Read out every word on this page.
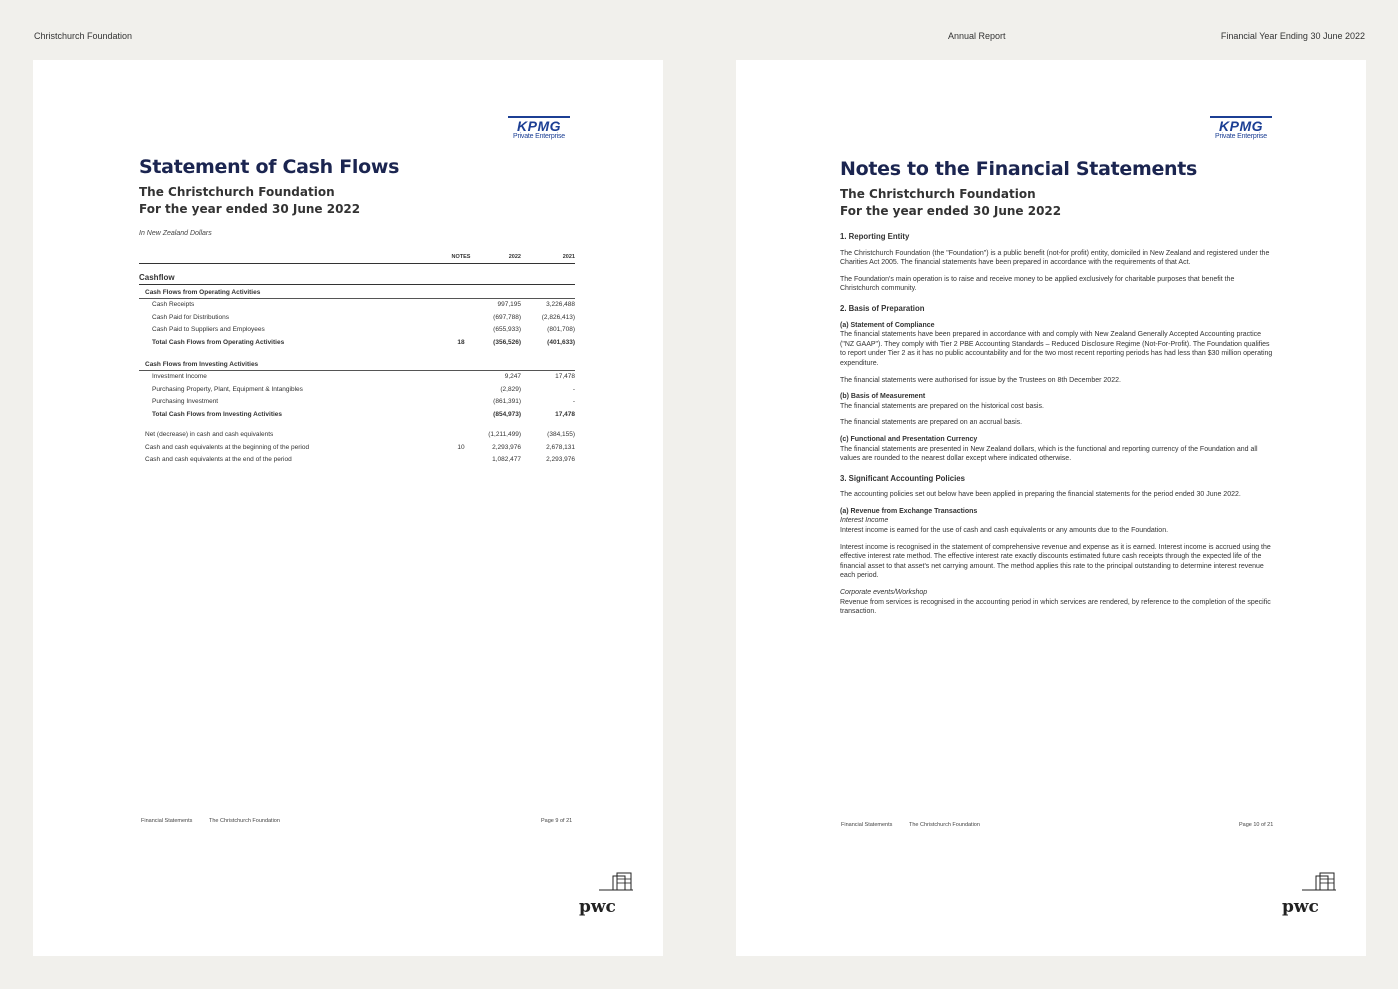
Christchurch Foundation	Annual Report	Financial Year Ending 30 June 2022
KPMG
Private Enterprise
Statement of Cash Flows
The Christchurch Foundation
For the year ended 30 June 2022
In New Zealand Dollars
NOTES	2022	2021
Cashflow
Cash Flows from Operating Activities
Cash Receipts	997,195	3,226,488
Cash Paid for Distributions	(697,788)	(2,826,413)
Cash Paid to Suppliers and Employees	(655,933)	(801,708)
Total Cash Flows from Operating Activities	18	(356,526)	(401,633)
Cash Flows from Investing Activities
Investment Income	9,247	17,478
Purchasing Property, Plant, Equipment & Intangibles	(2,829)	-
Purchasing Investment	(861,391)	-
Total Cash Flows from Investing Activities	(854,973)	17,478
Net (decrease) in cash and cash equivalents	(1,211,499)	(384,155)
Cash and cash equivalents at the beginning of the period	10	2,293,976	2,678,131
Cash and cash equivalents at the end of the period	1,082,477	2,293,976
Financial Statements	The Christchurch Foundation	Page 9 of 21
pwc
KPMG
Private Enterprise
Notes to the Financial Statements
The Christchurch Foundation
For the year ended 30 June 2022

1. Reporting Entity

The Christchurch Foundation (the "Foundation") is a public benefit (not-for profit) entity, domiciled in New Zealand and registered under the Charities Act 2005. The financial statements have been prepared in accordance with the requirements of that Act.

The Foundation's main operation is to raise and receive money to be applied exclusively for charitable purposes that benefit the Christchurch community.

2. Basis of Preparation

(a) Statement of Compliance

The financial statements have been prepared in accordance with and comply with New Zealand Generally Accepted Accounting practice ("NZ GAAP"). They comply with Tier 2 PBE Accounting Standards – Reduced Disclosure Regime (Not-For-Profit). The Foundation qualifies to report under Tier 2 as it has no public accountability and for the two most recent reporting periods has had less than $30 million operating expenditure.

The financial statements were authorised for issue by the Trustees on 8th December 2022.

(b) Basis of Measurement

The financial statements are prepared on the historical cost basis.

The financial statements are prepared on an accrual basis.

(c) Functional and Presentation Currency

The financial statements are presented in New Zealand dollars, which is the functional and reporting currency of the Foundation and all values are rounded to the nearest dollar except where indicated otherwise.

3. Significant Accounting Policies

The accounting policies set out below have been applied in preparing the financial statements for the period ended 30 June 2022.

(a) Revenue from Exchange Transactions

Interest Income

Interest income is earned for the use of cash and cash equivalents or any amounts due to the Foundation.

Interest income is recognised in the statement of comprehensive revenue and expense as it is earned. Interest income is accrued using the effective interest rate method. The effective interest rate exactly discounts estimated future cash receipts through the expected life of the financial asset to that asset's net carrying amount. The method applies this rate to the principal outstanding to determine interest revenue each period.

Corporate events/Workshop

Revenue from services is recognised in the accounting period in which services are rendered, by reference to the completion of the specific transaction.

Financial Statements	The Christchurch Foundation	Page 10 of 21
pwc
